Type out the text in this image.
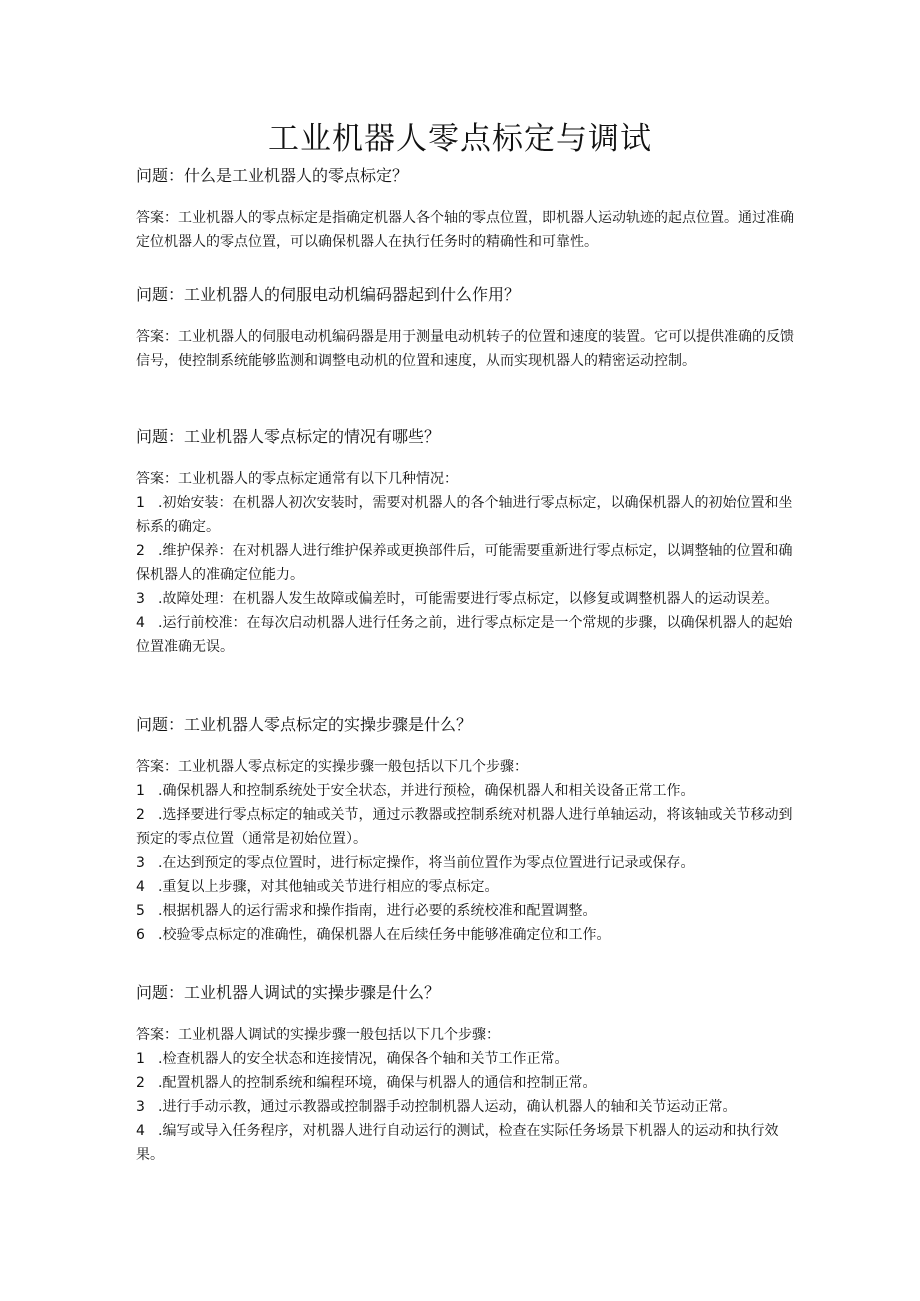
工业机器人零点标定与调试
问题：什么是工业机器人的零点标定？

答案：工业机器人的零点标定是指确定机器人各个轴的零点位置，即机器人运动轨迹的起点位置。通过准确定位机器人的零点位置，可以确保机器人在执行任务时的精确性和可靠性。

问题：工业机器人的伺服电动机编码器起到什么作用？

答案：工业机器人的伺服电动机编码器是用于测量电动机转子的位置和速度的装置。它可以提供准确的反馈信号，使控制系统能够监测和调整电动机的位置和速度，从而实现机器人的精密运动控制。

问题：工业机器人零点标定的情况有哪些？

答案：工业机器人的零点标定通常有以下几种情况：

1 .初始安装：在机器人初次安装时，需要对机器人的各个轴进行零点标定，以确保机器人的初始位置和坐标系的确定。

2 .维护保养：在对机器人进行维护保养或更换部件后，可能需要重新进行零点标定，以调整轴的位置和确保机器人的准确定位能力。

3 .故障处理：在机器人发生故障或偏差时，可能需要进行零点标定，以修复或调整机器人的运动误差。

4 .运行前校准：在每次启动机器人进行任务之前，进行零点标定是一个常规的步骤，以确保机器人的起始位置准确无误。

问题：工业机器人零点标定的实操步骤是什么？

答案：工业机器人零点标定的实操步骤一般包括以下几个步骤：

1 .确保机器人和控制系统处于安全状态，并进行预检，确保机器人和相关设备正常工作。

2 .选择要进行零点标定的轴或关节，通过示教器或控制系统对机器人进行单轴运动，将该轴或关节移动到预定的零点位置（通常是初始位置）。

3 .在达到预定的零点位置时，进行标定操作，将当前位置作为零点位置进行记录或保存。

4 .重复以上步骤，对其他轴或关节进行相应的零点标定。

5 .根据机器人的运行需求和操作指南，进行必要的系统校准和配置调整。

6 .校验零点标定的准确性，确保机器人在后续任务中能够准确定位和工作。

问题：工业机器人调试的实操步骤是什么？

答案：工业机器人调试的实操步骤一般包括以下几个步骤：

1 .检查机器人的安全状态和连接情况，确保各个轴和关节工作正常。

2 .配置机器人的控制系统和编程环境，确保与机器人的通信和控制正常。

3 .进行手动示教，通过示教器或控制器手动控制机器人运动，确认机器人的轴和关节运动正常。

4 .编写或导入任务程序，对机器人进行自动运行的测试，检查在实际任务场景下机器人的运动和执行效果。
